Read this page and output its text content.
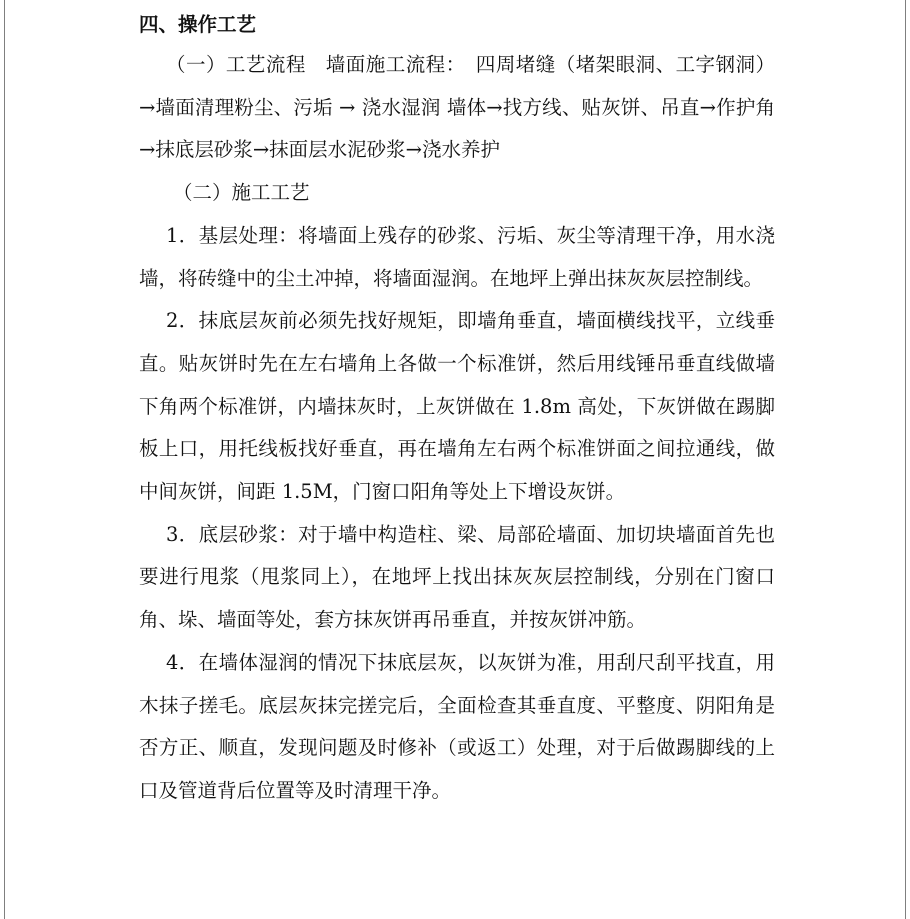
四、操作工艺

（一）工艺流程　墙面施工流程：　四周堵缝（堵架眼洞、工字钢洞）→墙面清理粉尘、污垢 → 浇水湿润 墙体→找方线、贴灰饼、吊直→作护角→抹底层砂浆→抹面层水泥砂浆→浇水养护

（二）施工工艺

1．基层处理：将墙面上残存的砂浆、污垢、灰尘等清理干净，用水浇墙，将砖缝中的尘土冲掉，将墙面湿润。在地坪上弹出抹灰灰层控制线。

2．抹底层灰前必须先找好规矩，即墙角垂直，墙面横线找平，立线垂直。贴灰饼时先在左右墙角上各做一个标准饼，然后用线锤吊垂直线做墙下角两个标准饼，内墙抹灰时，上灰饼做在 1.8m 高处，下灰饼做在踢脚板上口，用托线板找好垂直，再在墙角左右两个标准饼面之间拉通线，做中间灰饼，间距 1.5M，门窗口阳角等处上下增设灰饼。

3．底层砂浆：对于墙中构造柱、梁、局部砼墙面、加切块墙面首先也要进行甩浆（甩浆同上），在地坪上找出抹灰灰层控制线，分别在门窗口角、垛、墙面等处，套方抹灰饼再吊垂直，并按灰饼冲筋。

4．在墙体湿润的情况下抹底层灰，以灰饼为准，用刮尺刮平找直，用木抹子搓毛。底层灰抹完搓完后，全面检查其垂直度、平整度、阴阳角是否方正、顺直，发现问题及时修补（或返工）处理，对于后做踢脚线的上口及管道背后位置等及时清理干净。
